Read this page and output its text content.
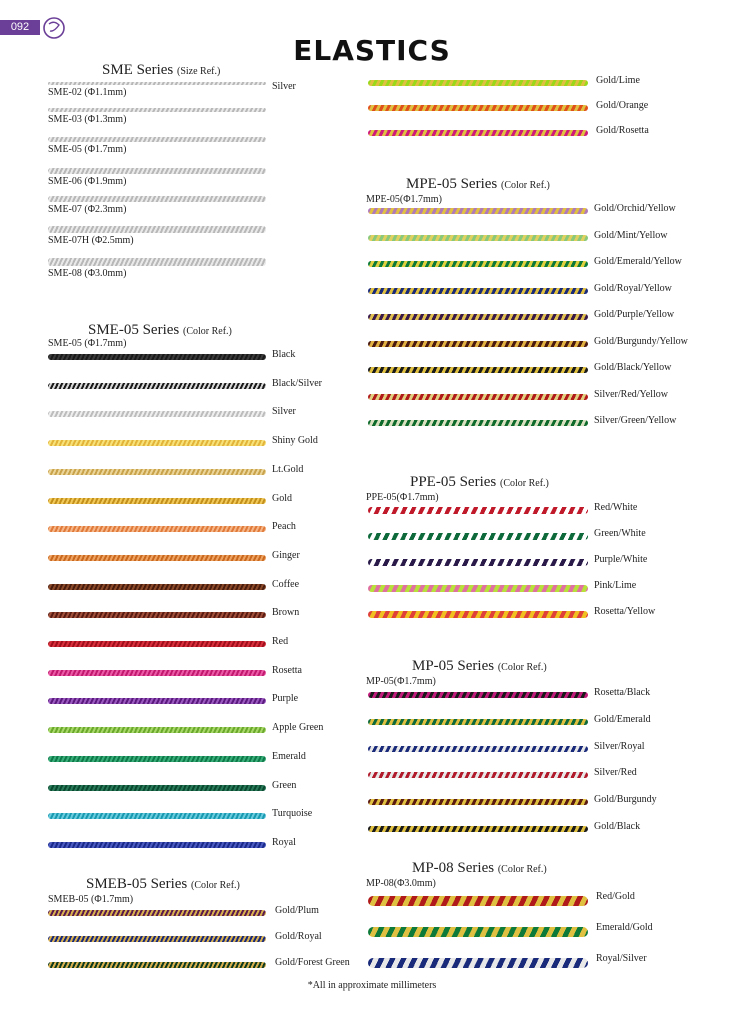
092
ELASTICS
SME Series (Size Ref.)
Silver
SME-02 (Φ1.1mm)
SME-03 (Φ1.3mm)
SME-05 (Φ1.7mm)
SME-06 (Φ1.9mm)
SME-07 (Φ2.3mm)
SME-07H (Φ2.5mm)
SME-08 (Φ3.0mm)
SME-05 Series (Color Ref.)
SME-05 (Φ1.7mm)
Black
Black/Silver
Silver
Shiny Gold
Lt.Gold
Gold
Peach
Ginger
Coffee
Brown
Red
Rosetta
Purple
Apple Green
Emerald
Green
Turquoise
Royal
SMEB-05 Series (Color Ref.)
SMEB-05 (Φ1.7mm)
Gold/Plum
Gold/Royal
Gold/Forest Green
Gold/Lime
Gold/Orange
Gold/Rosetta
MPE-05 Series (Color Ref.)
MPE-05(Φ1.7mm)
Gold/Orchid/Yellow
Gold/Mint/Yellow
Gold/Emerald/Yellow
Gold/Royal/Yellow
Gold/Purple/Yellow
Gold/Burgundy/Yellow
Gold/Black/Yellow
Silver/Red/Yellow
Silver/Green/Yellow
PPE-05 Series (Color Ref.)
PPE-05(Φ1.7mm)
Red/White
Green/White
Purple/White
Pink/Lime
Rosetta/Yellow
MP-05 Series (Color Ref.)
MP-05(Φ1.7mm)
Rosetta/Black
Gold/Emerald
Silver/Royal
Silver/Red
Gold/Burgundy
Gold/Black
MP-08 Series (Color Ref.)
MP-08(Φ3.0mm)
Red/Gold
Emerald/Gold
Royal/Silver
*All in approximate millimeters
